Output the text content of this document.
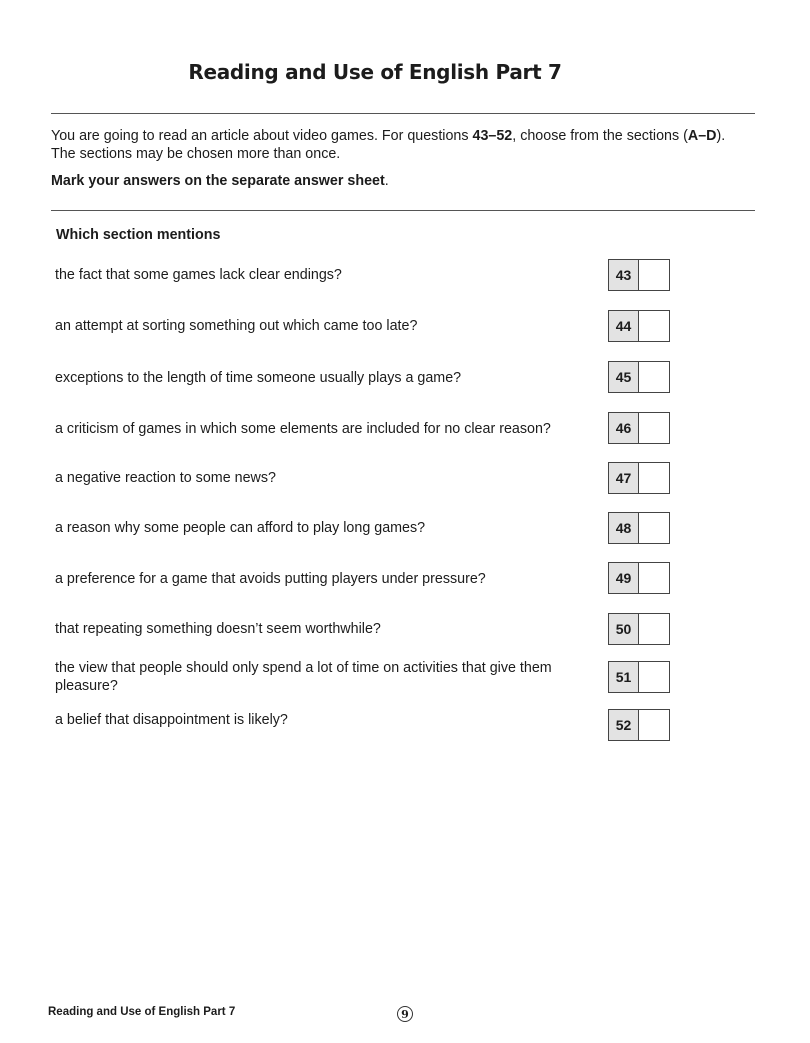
Reading and Use of English Part 7
You are going to read an article about video games. For questions 43–52, choose from the sections (A–D).
The sections may be chosen more than once.
Mark your answers on the separate answer sheet.
Which section mentions
the fact that some games lack clear endings?	43
an attempt at sorting something out which came too late?	44
exceptions to the length of time someone usually plays a game?	45
a criticism of games in which some elements are included for no clear reason?	46
a negative reaction to some news?	47
a reason why some people can afford to play long games?	48
a preference for a game that avoids putting players under pressure?	49
that repeating something doesn’t seem worthwhile?	50
the view that people should only spend a lot of time on activities that give them pleasure?
51
a belief that disappointment is likely?	52
Reading and Use of English Part 7	9
